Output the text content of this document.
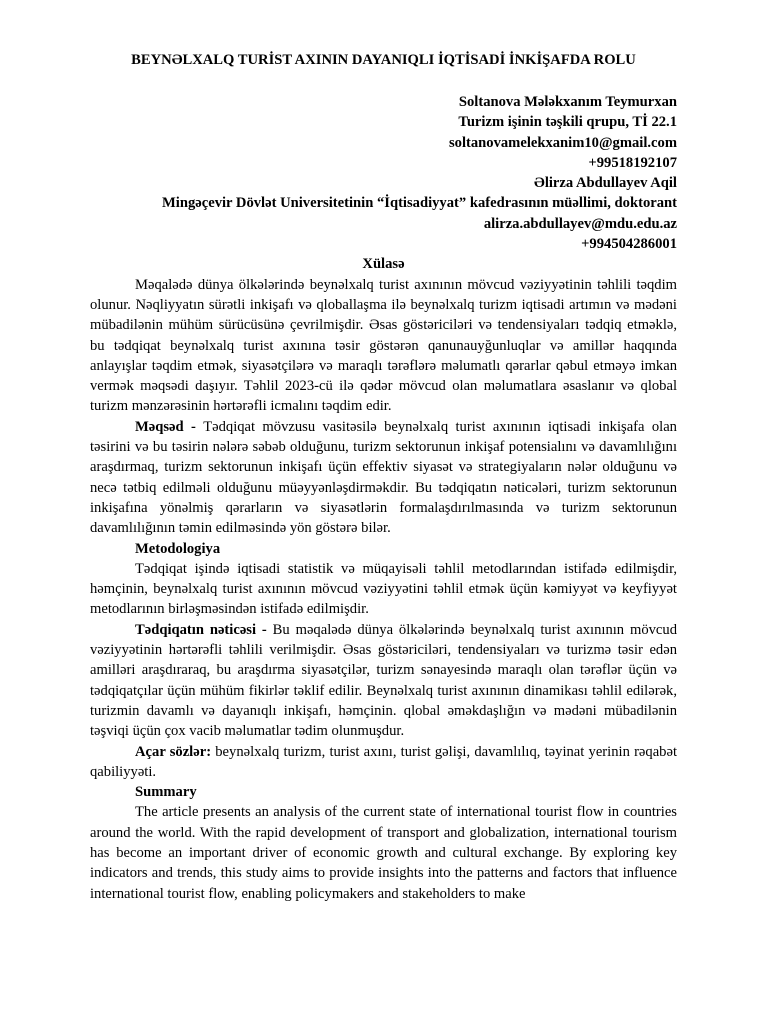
BEYNƏLXALQ TURİST AXININ DAYANIQLI İQTİSADİ İNKİŞAFDA ROLU
Soltanova Mələkxanım Teymurxan
Turizm işinin təşkili qrupu, Tİ 22.1
soltanovamelekxanim10@gmail.com
+99518192107
Əlirza Abdullayev Aqil
Mingəçevir Dövlət Universitetinin “İqtisadiyyat” kafedrasının müəllimi, doktorant
alirza.abdullayev@mdu.edu.az
+994504286001

Xülasə

Məqalədə dünya ölkələrində beynəlxalq turist axınının mövcud vəziyyətinin təhlili təqdim olunur. Nəqliyyatın sürətli inkişafı və qloballaşma ilə beynəlxalq turizm iqtisadi artımın və mədəni mübadilənin mühüm sürücüsünə çevrilmişdir. Əsas göstəriciləri və tendensiyaları tədqiq etməklə, bu tədqiqat beynəlxalq turist axınına təsir göstərən qanunauyğunluqlar və amillər haqqında anlayışlar təqdim etmək, siyasətçilərə və maraqlı tərəflərə məlumatlı qərarlar qəbul etməyə imkan vermək məqsədi daşıyır. Təhlil 2023-cü ilə qədər mövcud olan məlumatlara əsaslanır və qlobal turizm mənzərəsinin hərtərəfli icmalını təqdim edir.

Məqsəd - Tədqiqat mövzusu vasitəsilə beynəlxalq turist axınının iqtisadi inkişafa olan təsirini və bu təsirin nələrə səbəb olduğunu, turizm sektorunun inkişaf potensialını və davamlılığını araşdırmaq, turizm sektorunun inkişafı üçün effektiv siyasət və strategiyaların nələr olduğunu və necə tətbiq edilməli olduğunu müəyyənləşdirməkdir. Bu tədqiqatın nəticələri, turizm sektorunun inkişafına yönəlmiş qərarların və siyasətlərin formalaşdırılmasında və turizm sektorunun davamlılığının təmin edilməsində yön göstərə bilər.

Metodologiya

Tədqiqat işində iqtisadi statistik və müqayisəli təhlil metodlarından istifadə edilmişdir, həmçinin, beynəlxalq turist axınının mövcud vəziyyətini təhlil etmək üçün kəmiyyət və keyfiyyət metodlarının birləşməsindən istifadə edilmişdir.

Tədqiqatın nəticəsi - Bu məqalədə dünya ölkələrində beynəlxalq turist axınının mövcud vəziyyətinin hərtərəfli təhlili verilmişdir. Əsas göstəriciləri, tendensiyaları və turizmə təsir edən amilləri araşdıraraq, bu araşdırma siyasətçilər, turizm sənayesində maraqlı olan tərəflər üçün və tədqiqatçılar üçün mühüm fikirlər təklif edilir. Beynəlxalq turist axınının dinamikası təhlil edilərək, turizmin davamlı və dayanıqlı inkişafı, həmçinin. qlobal əməkdaşlığın və mədəni mübadilənin təşviqi üçün çox vacib məlumatlar tədim olunmuşdur.

Açar sözlər: beynəlxalq turizm, turist axını, turist gəlişi, davamlılıq, təyinat yerinin rəqabət qabiliyyəti.

Summary

The article presents an analysis of the current state of international tourist flow in countries around the world. With the rapid development of transport and globalization, international tourism has become an important driver of economic growth and cultural exchange. By exploring key indicators and trends, this study aims to provide insights into the patterns and factors that influence international tourist flow, enabling policymakers and stakeholders to make
